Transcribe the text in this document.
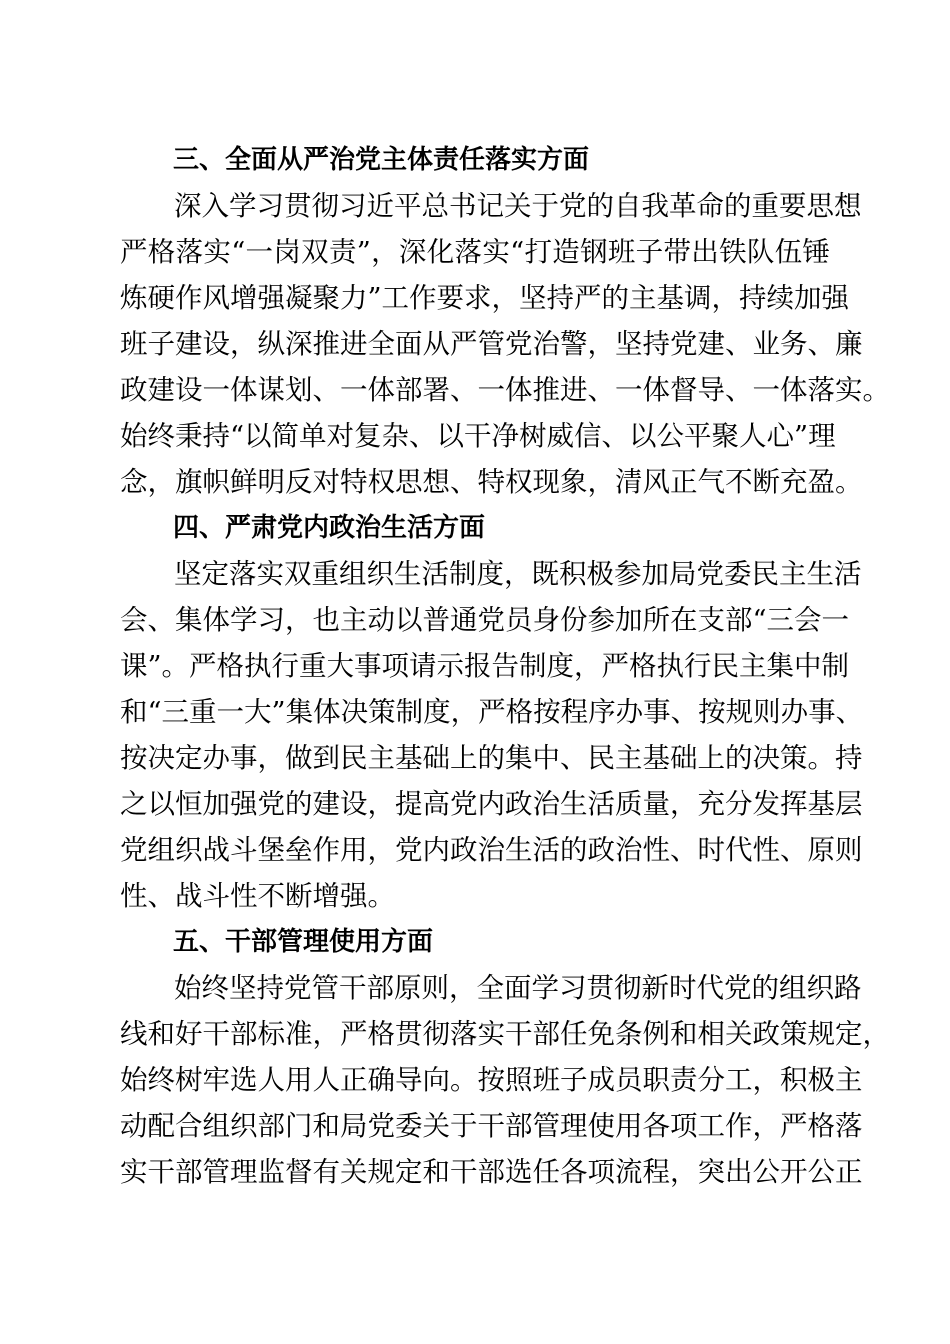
三、全面从严治党主体责任落实方面
深入学习贯彻习近平总书记关于党的自我革命的重要思想
严格落实“一岗双责”，深化落实“打造钢班子带出铁队伍锤
炼硬作风增强凝聚力”工作要求，坚持严的主基调，持续加强
班子建设，纵深推进全面从严管党治警，坚持党建、业务、廉
政建设一体谋划、一体部署、一体推进、一体督导、一体落实。
始终秉持“以简单对复杂、以干净树威信、以公平聚人心”理
念，旗帜鲜明反对特权思想、特权现象，清风正气不断充盈。
四、严肃党内政治生活方面
坚定落实双重组织生活制度，既积极参加局党委民主生活
会、集体学习，也主动以普通党员身份参加所在支部“三会一
课”。严格执行重大事项请示报告制度，严格执行民主集中制
和“三重一大”集体决策制度，严格按程序办事、按规则办事、
按决定办事，做到民主基础上的集中、民主基础上的决策。持
之以恒加强党的建设，提高党内政治生活质量，充分发挥基层
党组织战斗堡垒作用，党内政治生活的政治性、时代性、原则
性、战斗性不断增强。
五、干部管理使用方面
始终坚持党管干部原则，全面学习贯彻新时代党的组织路
线和好干部标准，严格贯彻落实干部任免条例和相关政策规定，
始终树牢选人用人正确导向。按照班子成员职责分工，积极主
动配合组织部门和局党委关于干部管理使用各项工作，严格落
实干部管理监督有关规定和干部选任各项流程，突出公开公正
